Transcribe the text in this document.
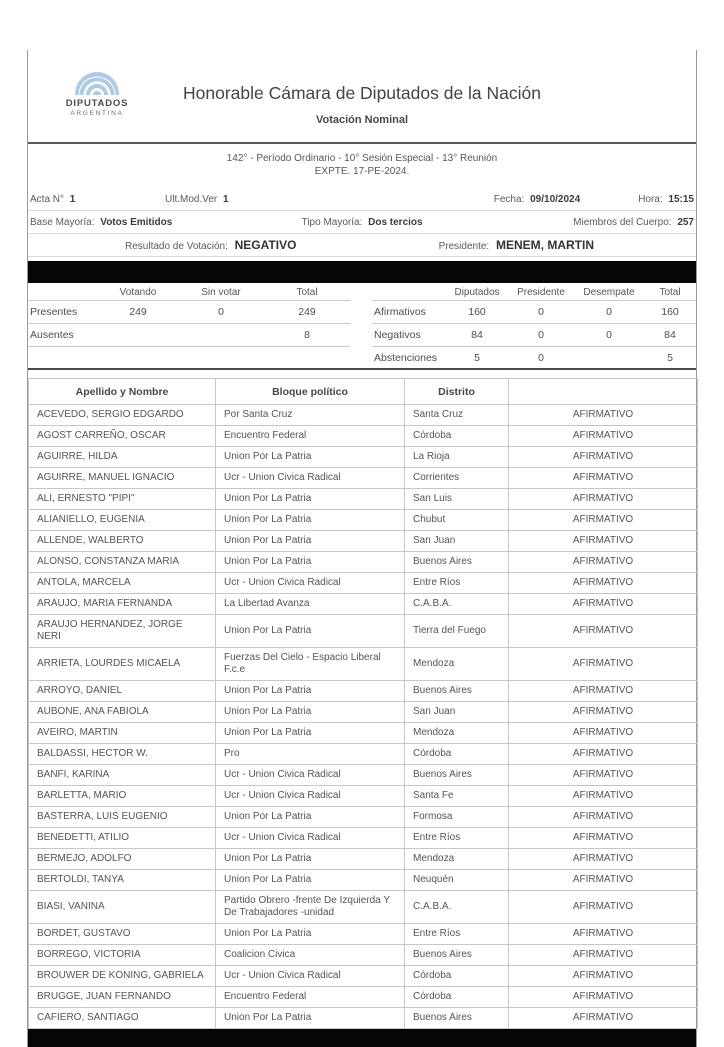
DIPUTADOS
ARGENTINA
Honorable Cámara de Diputados de la Nación
Votación Nominal
142° - Período Ordinario - 10° Sesión Especial - 13° Reunión
EXPTE. 17-PE-2024.
Acta N° 1	Ult.Mod.Ver 1	Fecha: 09/10/2024	Hora: 15:15
Base Mayoría: Votos Emitidos	Tipo Mayoría: Dos tercios	Miembros del Cuerpo: 257
Resultado de Votación: NEGATIVO	Presidente: MENEM, MARTIN
	Votando	Sin votar	Total
Presentes	249	0	249
Ausentes			8
	Diputados	Presidente	Desempate	Total
Afirmativos	160	0	0	160
Negativos	84	0	0	84
Abstenciones	5	0		5
Apellido y Nombre	Bloque político	Distrito	
ACEVEDO, SERGIO EDGARDO	Por Santa Cruz	Santa Cruz	AFIRMATIVO
AGOST CARREÑO, OSCAR	Encuentro Federal	Córdoba	AFIRMATIVO
AGUIRRE, HILDA	Union Por La Patria	La Rioja	AFIRMATIVO
AGUIRRE, MANUEL IGNACIO	Ucr - Union Civica Radical	Corrientes	AFIRMATIVO
ALI, ERNESTO "PIPI"	Union Por La Patria	San Luis	AFIRMATIVO
ALIANIELLO, EUGENIA	Union Por La Patria	Chubut	AFIRMATIVO
ALLENDE, WALBERTO	Union Por La Patria	San Juan	AFIRMATIVO
ALONSO, CONSTANZA MARIA	Union Por La Patria	Buenos Aires	AFIRMATIVO
ANTOLA, MARCELA	Ucr - Union Civica Radical	Entre Ríos	AFIRMATIVO
ARAUJO, MARIA FERNANDA	La Libertad Avanza	C.A.B.A.	AFIRMATIVO
ARAUJO HERNANDEZ, JORGE NERI	Union Por La Patria	Tierra del Fuego	AFIRMATIVO
ARRIETA, LOURDES MICAELA	Fuerzas Del Cielo - Espacio Liberal F.c.e	Mendoza	AFIRMATIVO
ARROYO, DANIEL	Union Por La Patria	Buenos Aires	AFIRMATIVO
AUBONE, ANA FABIOLA	Union Por La Patria	San Juan	AFIRMATIVO
AVEIRO, MARTIN	Union Por La Patria	Mendoza	AFIRMATIVO
BALDASSI, HECTOR W.	Pro	Córdoba	AFIRMATIVO
BANFI, KARINA	Ucr - Union Civica Radical	Buenos Aires	AFIRMATIVO
BARLETTA, MARIO	Ucr - Union Civica Radical	Santa Fe	AFIRMATIVO
BASTERRA, LUIS EUGENIO	Union Por La Patria	Formosa	AFIRMATIVO
BENEDETTI, ATILIO	Ucr - Union Civica Radical	Entre Ríos	AFIRMATIVO
BERMEJO, ADOLFO	Union Por La Patria	Mendoza	AFIRMATIVO
BERTOLDI, TANYA	Union Por La Patria	Neuquén	AFIRMATIVO
BIASI, VANINA	Partido Obrero -frente De Izquierda Y De Trabajadores -unidad	C.A.B.A.	AFIRMATIVO
BORDET, GUSTAVO	Union Por La Patria	Entre Ríos	AFIRMATIVO
BORREGO, VICTORIA	Coalicion Civica	Buenos Aires	AFIRMATIVO
BROUWER DE KONING, GABRIELA	Ucr - Union Civica Radical	Córdoba	AFIRMATIVO
BRUGGE, JUAN FERNANDO	Encuentro Federal	Córdoba	AFIRMATIVO
CAFIERO, SANTIAGO	Union Por La Patria	Buenos Aires	AFIRMATIVO
